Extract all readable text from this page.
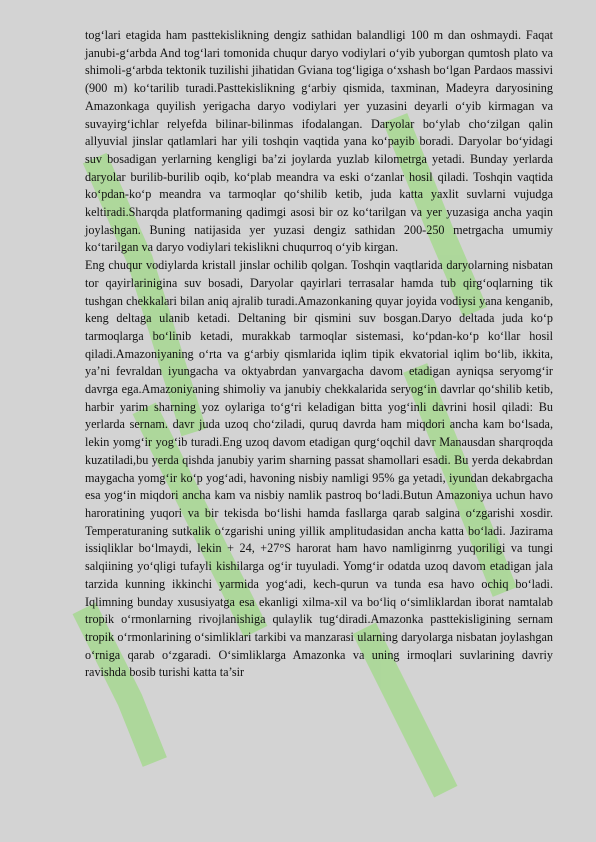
tog‘lari etagida ham pasttekislikning dengiz sathidan balandligi 100 m dan oshmaydi. Faqat janubi-g‘arbda And tog‘lari tomonida chuqur daryo vodiylari o‘yib yuborgan qumtosh plato va shimoli-g‘arbda tektonik tuzilishi jihatidan Gviana tog‘ligiga o‘xshash bo‘lgan Pardaos massivi (900 m) ko‘tarilib turadi.Pasttekislikning g‘arbiy qismida, taxminan, Madeyra daryosining Amazonkaga quyilish yerigacha daryo vodiylari yer yuzasini deyarli o‘yib kirmagan va suvayirg‘ichlar relyefda bilinar-bilinmas ifodalangan. Daryolar bo‘ylab cho‘zilgan qalin allyuvial jinslar qatlamlari har yili toshqin vaqtida yana ko‘payib boradi. Daryolar bo‘yidagi suv bosadigan yerlarning kengligi ba’zi joylarda yuzlab kilometrga yetadi. Bunday yerlarda daryolar burilib-burilib oqib, ko‘plab meandra va eski o‘zanlar hosil qiladi. Toshqin vaqtida ko‘pdan-ko‘p meandra va tarmoqlar qo‘shilib ketib, juda katta yaxlit suvlarni vujudga keltiradi.Sharqda platformaning qadimgi asosi bir oz ko‘tarilgan va yer yuzasiga ancha yaqin joylashgan. Buning natijasida yer yuzasi dengiz sathidan 200-250 metrgacha umumiy ko‘tarilgan va daryo vodiylari tekislikni chuqurroq o‘yib kirgan.

Eng chuqur vodiylarda kristall jinslar ochilib qolgan. Toshqin vaqtlarida daryolarning nisbatan tor qayirlarinigina suv bosadi, Daryolar qayirlari terrasalar hamda tub qirg‘oqlarning tik tushgan chekkalari bilan aniq ajralib turadi.Amazonkaning quyar joyida vodiysi yana kenganib, keng deltaga ulanib ketadi. Deltaning bir qismini suv bosgan.Daryo deltada juda ko‘p tarmoqlarga bo‘linib ketadi, murakkab tarmoqlar sistemasi, ko‘pdan-ko‘p ko‘llar hosil qiladi.Amazoniyaning o‘rta va g‘arbiy qismlarida iqlim tipik ekvatorial iqlim bo‘lib, ikkita, ya’ni fevraldan iyungacha va oktyabrdan yanvargacha davom etadigan ayniqsa seryomg‘ir davrga ega.Amazoniyaning shimoliy va janubiy chekkalarida seryog‘in davrlar qo‘shilib ketib, harbir yarim sharning yoz oylariga to‘g‘ri keladigan bitta yog‘inli davrini hosil qiladi: Bu yerlarda sernam. davr juda uzoq cho‘ziladi, quruq davrda ham miqdori ancha kam bo‘lsada, lekin yomg‘ir yog‘ib turadi.Eng uzoq davom etadigan qurg‘oqchil davr Manausdan sharqroqda kuzatiladi,bu yerda qishda janubiy yarim sharning passat shamollari esadi. Bu yerda dekabrdan maygacha yomg‘ir ko‘p yog‘adi, havoning nisbiy namligi 95% ga yetadi, iyundan dekabrgacha esa yog‘in miqdori ancha kam va nisbiy namlik pastroq bo‘ladi.Butun Amazoniya uchun havo haroratining yuqori va bir tekisda bo‘lishi hamda fasllarga qarab salgina o‘zgarishi xosdir. Temperaturaning sutkalik o‘zgarishi uning yillik amplitudasidan ancha katta bo‘ladi. Jazirama issiqliklar bo‘lmaydi, lekin + 24, +27°S harorat ham havo namliginrng yuqoriligi va tungi salqiining yo‘qligi tufayli kishilarga og‘ir tuyuladi. Yomg‘ir odatda uzoq davom etadigan jala tarzida kunning ikkinchi yarmida yog‘adi, kech-qurun va tunda esa havo ochiq bo‘ladi. Iqlimning bunday xususiyatga esa ekanligi xilma-xil va bo‘liq o‘simliklardan iborat namtalab tropik o‘rmonlarning rivojlanishiga qulaylik tug‘diradi.Amazonka pasttekisligining sernam tropik o‘rmonlarining o‘simliklari tarkibi va manzarasi ularning daryolarga nisbatan joylashgan o‘rniga qarab o‘zgaradi. O‘simliklarga Amazonka va uning irmoqlari suvlarining davriy ravishda bosib turishi katta ta’sir
